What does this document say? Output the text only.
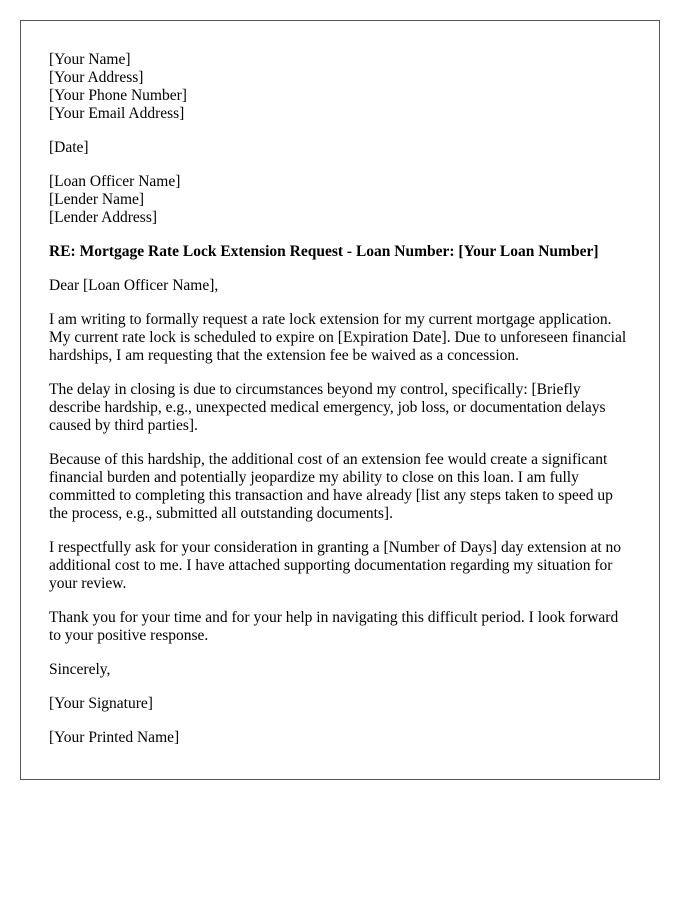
[Your Name]
[Your Address]
[Your Phone Number]
[Your Email Address]
[Date]
[Loan Officer Name]
[Lender Name]
[Lender Address]
RE: Mortgage Rate Lock Extension Request - Loan Number: [Your Loan Number]

Dear [Loan Officer Name],

I am writing to formally request a rate lock extension for my current mortgage application. My current rate lock is scheduled to expire on [Expiration Date]. Due to unforeseen financial hardships, I am requesting that the extension fee be waived as a concession.

The delay in closing is due to circumstances beyond my control, specifically: [Briefly describe hardship, e.g., unexpected medical emergency, job loss, or documentation delays caused by third parties].

Because of this hardship, the additional cost of an extension fee would create a significant financial burden and potentially jeopardize my ability to close on this loan. I am fully committed to completing this transaction and have already [list any steps taken to speed up the process, e.g., submitted all outstanding documents].

I respectfully ask for your consideration in granting a [Number of Days] day extension at no additional cost to me. I have attached supporting documentation regarding my situation for your review.

Thank you for your time and for your help in navigating this difficult period. I look forward to your positive response.

Sincerely,

[Your Signature]

[Your Printed Name]
